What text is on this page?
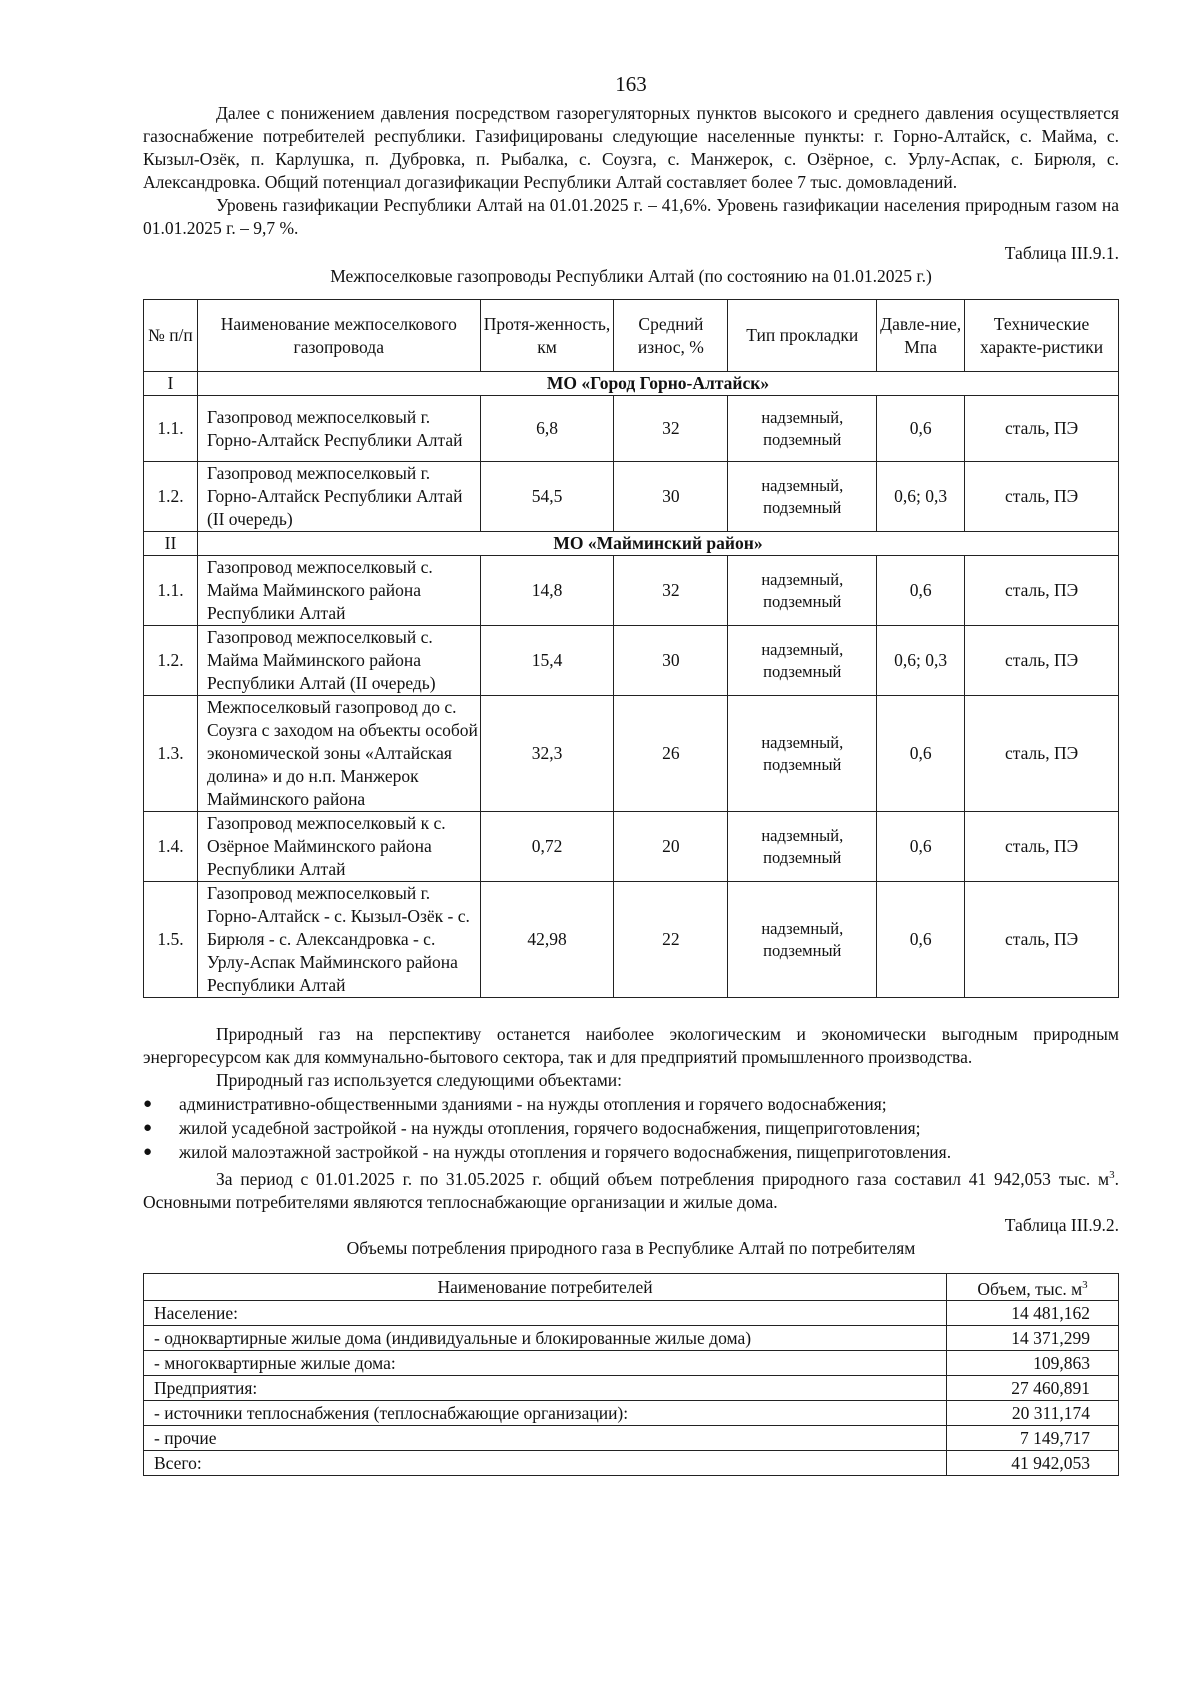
163

Далее с понижением давления посредством газорегуляторных пунктов высокого и среднего давления осуществляется газоснабжение потребителей республики. Газифицированы следующие населенные пункты: г. Горно-Алтайск, с. Майма, с. Кызыл-Озёк, п. Карлушка, п. Дубровка, п. Рыбалка, с. Соузга, с. Манжерок, с. Озёрное, с. Урлу-Аспак, с. Бирюля, с. Александровка. Общий потенциал догазификации Республики Алтай составляет более 7 тыс. домовладений.

Уровень газификации Республики Алтай на 01.01.2025 г. – 41,6%. Уровень газификации населения природным газом на 01.01.2025 г. – 9,7 %.

Таблица III.9.1.
Межпоселковые газопроводы Республики Алтай (по состоянию на 01.01.2025 г.)
№ п/п	Наименование межпоселкового газопровода	Протя-женность, км	Средний износ, %	Тип прокладки	Давле-ние, Мпа	Технические характе-ристики
I	МО «Город Горно-Алтайск»					
1.1.	Газопровод межпоселковый г. Горно-Алтайск Республики Алтай	6,8	32	надземный, подземный	0,6	сталь, ПЭ
1.2.	Газопровод межпоселковый г. Горно-Алтайск Республики Алтай (II очередь)	54,5	30	надземный, подземный	0,6; 0,3	сталь, ПЭ
II	МО «Майминский район»					
1.1.	Газопровод межпоселковый с. Майма Майминского района Республики Алтай	14,8	32	надземный, подземный	0,6	сталь, ПЭ
1.2.	Газопровод межпоселковый с. Майма Майминского района Республики Алтай (II очередь)	15,4	30	надземный, подземный	0,6; 0,3	сталь, ПЭ
1.3.	Межпоселковый газопровод до с. Соузга с заходом на объекты особой экономической зоны «Алтайская долина» и до н.п. Манжерок Майминского района	32,3	26	надземный, подземный	0,6	сталь, ПЭ
1.4.	Газопровод межпоселковый к с. Озёрное Майминского района Республики Алтай	0,72	20	надземный, подземный	0,6	сталь, ПЭ
1.5.	Газопровод межпоселковый г. Горно-Алтайск - с. Кызыл-Озёк - с. Бирюля - с. Александровка - с. Урлу-Аспак Майминского района Республики Алтай	42,98	22	надземный, подземный	0,6	сталь, ПЭ

Природный газ на перспективу останется наиболее экологическим и экономически выгодным природным энергоресурсом как для коммунально-бытового сектора, так и для предприятий промышленного производства.

Природный газ используется следующими объектами:

● административно-общественными зданиями - на нужды отопления и горячего водоснабжения;
● жилой усадебной застройкой - на нужды отопления, горячего водоснабжения, пищеприготовления;
● жилой малоэтажной застройкой - на нужды отопления и горячего водоснабжения, пищеприготовления.

За период с 01.01.2025 г. по 31.05.2025 г. общий объем потребления природного газа составил 41 942,053 тыс. $м^3$. Основными потребителями являются теплоснабжающие организации и жилые дома.

Таблица III.9.2.
Объемы потребления природного газа в Республике Алтай по потребителям
Наименование потребителей	Объем, тыс. $м^3$
Население:	14 481,162
- одноквартирные жилые дома (индивидуальные и блокированные жилые дома)	14 371,299
- многоквартирные жилые дома:	109,863
Предприятия:	27 460,891
- источники теплоснабжения (теплоснабжающие организации):	20 311,174
- прочие	7 149,717
Всего:	41 942,053
